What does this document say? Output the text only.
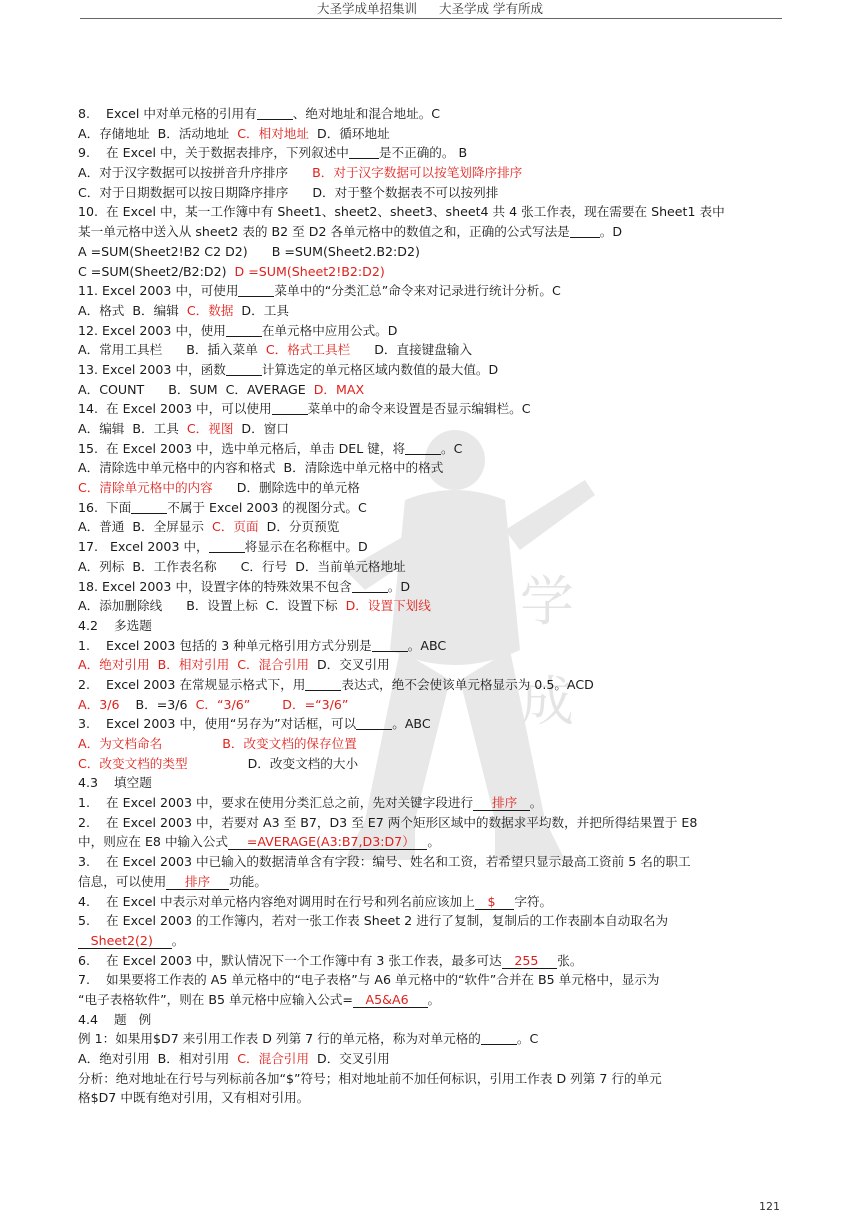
大圣学成单招集训 大圣学成 学有所成
学
成
8.    Excel 中对单元格的引用有	、绝对地址和混合地址。C
A．存储地址  B．活动地址  C．相对地址  D．循环地址
9.    在 Excel 中，关于数据表排序，下列叙述中 是不正确的。 B
A．对于汉字数据可以按拼音升序排序      B．对于汉字数据可以按笔划降序排序
C．对于日期数据可以按日期降序排序      D．对于整个数据表不可以按列排
10.  在 Excel 中，某一工作簿中有 Sheet1、sheet2、sheet3、sheet4 共 4 张工作表，现在需要在 Sheet1 表中
某一单元格中送入从 sheet2 表的 B2 至 D2 各单元格中的数值之和，正确的公式写法是 。D
A =SUM(Sheet2!B2 C2 D2)      B =SUM(Sheet2.B2:D2)
C =SUM(Sheet2/B2:D2)  D =SUM(Sheet2!B2:D2)
11. Excel 2003 中，可使用	菜单中的“分类汇总”命令来对记录进行统计分析。C
A．格式  B．编辑  C．数据  D．工具
12. Excel 2003 中，使用	在单元格中应用公式。D
A．常用工具栏      B．插入菜单  C．格式工具栏      D．直接键盘输入
13. Excel 2003 中，函数	计算选定的单元格区域内数值的最大值。D
A．COUNT      B．SUM  C．AVERAGE  D．MAX
14.  在 Excel 2003 中，可以使用	菜单中的命令来设置是否显示编辑栏。C
A．编辑  B．工具  C．视图  D．窗口
15.  在 Excel 2003 中，选中单元格后，单击 DEL 键，将	。C
A．清除选中单元格中的内容和格式  B．清除选中单元格中的格式
C．清除单元格中的内容      D．删除选中的单元格
16.  下面	不属于 Excel 2003 的视图分式。C
A．普通  B．全屏显示  C．页面  D．分页预览
17.   Excel 2003 中，	将显示在名称框中。D
A．列标  B．工作表名称      C．行号  D．当前单元格地址
18. Excel 2003 中，设置字体的特殊效果不包含	。D
A．添加删除线      B．设置上标  C．设置下标  D．设置下划线
4.2    多选题
1.    Excel 2003 包括的 3 种单元格引用方式分别是	。ABC
A．绝对引用  B．相对引用  C．混合引用  D．交叉引用
2.    Excel 2003 在常规显示格式下，用	表达式，绝不会使该单元格显示为 0.5。ACD
A．3/6    B．=3/6  C．“3/6”        D．=“3/6”
3.    Excel 2003 中，使用“另存为”对话框，可以	。ABC
A．为文档命名               B．改变文档的保存位置
C．改变文档的类型               D．改变文档的大小
4.3    填空题
1.    在 Excel 2003 中，要求在使用分类汇总之前，先对关键字段进行    排序   。
2.    在 Excel 2003 中，若要对 A3 至 B7，D3 至 E7 两个矩形区域中的数据求平均数，并把所得结果置于 E8
中，则应在 E8 中输入公式    =AVERAGE(A3:B7,D3:D7）   。
3.    在 Excel 2003 中已输入的数据清单含有字段：编号、姓名和工资，若希望只显示最高工资前 5 名的职工
信息，可以使用    排序    功能。
4.    在 Excel 中表示对单元格内容绝对调用时在行号和列名前应该加上   $    字符。
5.    在 Excel 2003 的工作簿内，若对一张工作表 Sheet 2 进行了复制，复制后的工作表副本自动取名为
  Sheet2(2)    。
6.    在 Excel 2003 中，默认情况下一个工作簿中有 3 张工作表，最多可达   255    张。
7.    如果要将工作表的 A5 单元格中的“电子表格”与 A6 单元格中的“软件”合并在 B5 单元格中，显示为
“电子表格软件”，则在 B5 单元格中应输入公式=   A5&A6    。
4.4    题   例
例 1：如果用$D7 来引用工作表 D 列第 7 行的单元格，称为对单元格的	。C
A．绝对引用  B．相对引用  C．混合引用  D．交叉引用
分析：绝对地址在行号与列标前各加“$”符号；相对地址前不加任何标识，引用工作表 D 列第 7 行的单元
格$D7 中既有绝对引用，又有相对引用。
121
